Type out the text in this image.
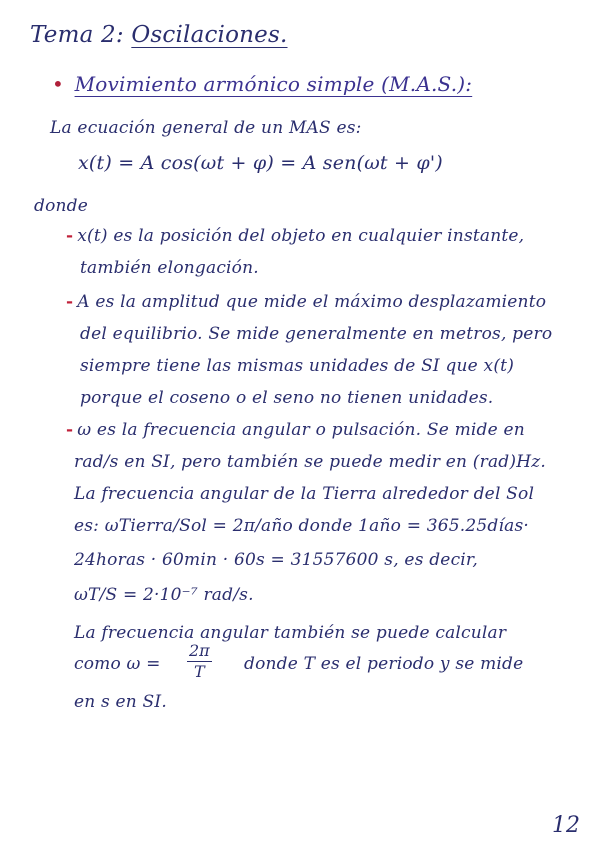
Tema 2: Oscilaciones.
• Movimiento armónico simple (M.A.S.):
La ecuación general de un MAS es:
x(t) = A cos(ωt + φ) = A sen(ωt + φ')
donde
- x(t) es la posición del objeto en cualquier instante,
también elongación.
- A es la amplitud que mide el máximo desplazamiento
del equilibrio. Se mide generalmente en metros, pero
siempre tiene las mismas unidades de SI que x(t)
porque el coseno o el seno no tienen unidades.
- ω es la frecuencia angular o pulsación. Se mide en
rad/s en SI, pero también se puede medir en (rad)Hz.
La frecuencia angular de la Tierra alrededor del Sol
es: ωTierra/Sol = 2π/año donde 1año = 365.25días·
24horas · 60min · 60s = 31557600 s, es decir,
ωT/S = 2·10⁻⁷ rad/s.
La frecuencia angular también se puede calcular
como $\omega = \frac{2\pi}{T}$ donde T es el periodo y se mide
en s en SI.
12
